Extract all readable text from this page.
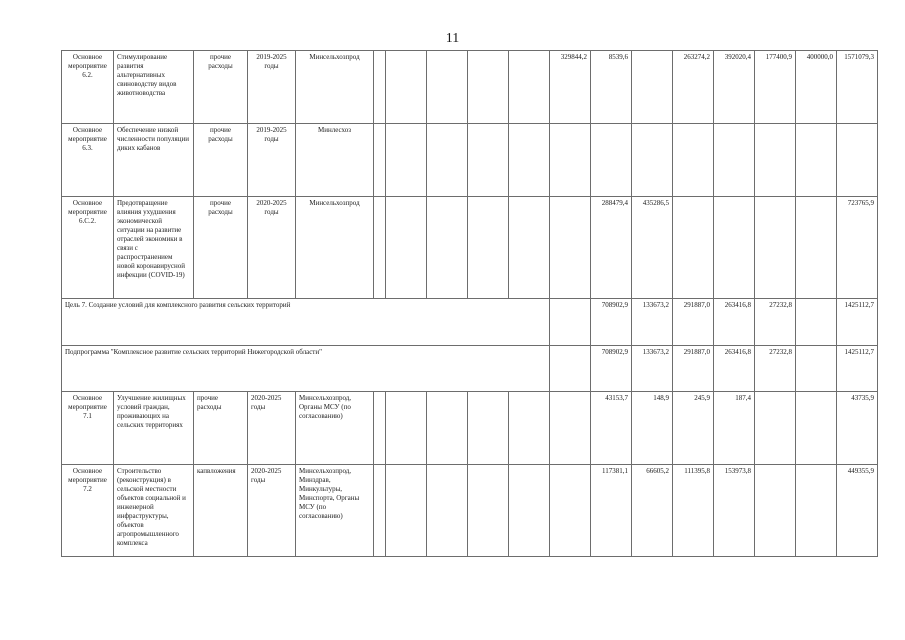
11
Основное мероприятие 6.2.	Стимулирование развития альтернативных свиноводству видов животноводства	прочие расходы	2019-2025 годы	Минсельхозпрод						329844,2	8539,6		263274,2	392020,4	177400,9	400000,0	1571079,3
Основное мероприятие 6.3.	Обеспечение низкой численности популяции диких кабанов	прочие расходы	2019-2025 годы	Минлесхоз													
Основное мероприятие 6.С.2.	Предотвращение влияния ухудшения экономической ситуации на развитие отраслей экономики в связи с распространением новой коронавирусной инфекции (COVID-19)	прочие расходы	2020-2025 годы	Минсельхозпрод							288479,4	435286,5					723765,9
Цель 7. Создание условий для комплексного развития сельских территорий											708902,9	133673,2	291887,0	263416,8	27232,8		1425112,7
Подпрограмма "Комплексное развитие сельских территорий Нижегородской области"											708902,9	133673,2	291887,0	263416,8	27232,8		1425112,7
Основное мероприятие 7.1	Улучшение жилищных условий граждан, проживающих на сельских территориях	прочие расходы	2020-2025 годы	Минсельхозпрод, Органы МСУ (по согласованию)							43153,7	148,9	245,9	187,4			43735,9
Основное мероприятие 7.2	Строительство (реконструкция) в сельской местности объектов социальной и инженерной инфраструктуры, объектов агропромышленного комплекса	капвложения	2020-2025 годы	Минсельхозпрод, Минздрав, Минкультуры, Минспорта, Органы МСУ (по согласованию)							117381,1	66605,2	111395,8	153973,8			449355,9
